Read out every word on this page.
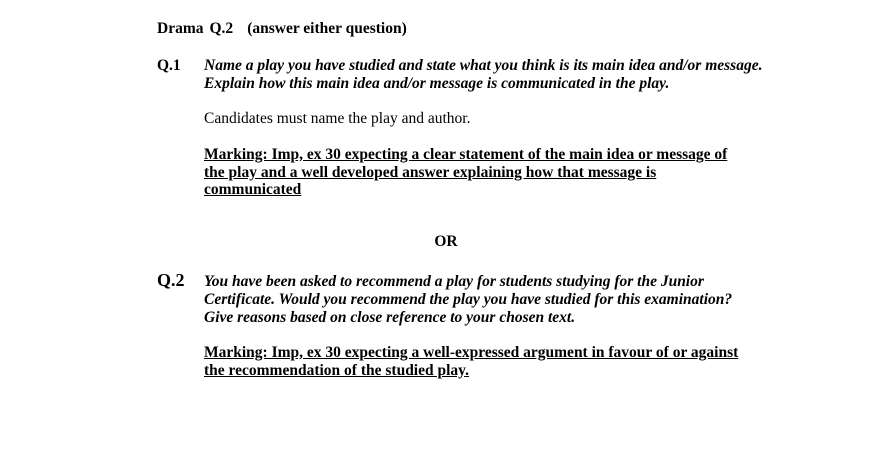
Drama Q.2 (answer either question)
Q.1 Name a play you have studied and state what you think is its main idea and/or message. Explain how this main idea and/or message is communicated in the play.
Candidates must name the play and author.
Marking: Imp, ex 30 expecting a clear statement of the main idea or message of the play and a well developed answer explaining how that message is communicated
OR
Q.2 You have been asked to recommend a play for students studying for the Junior Certificate. Would you recommend the play you have studied for this examination? Give reasons based on close reference to your chosen text.
Marking: Imp, ex 30 expecting a well-expressed argument in favour of or against the recommendation of the studied play.
